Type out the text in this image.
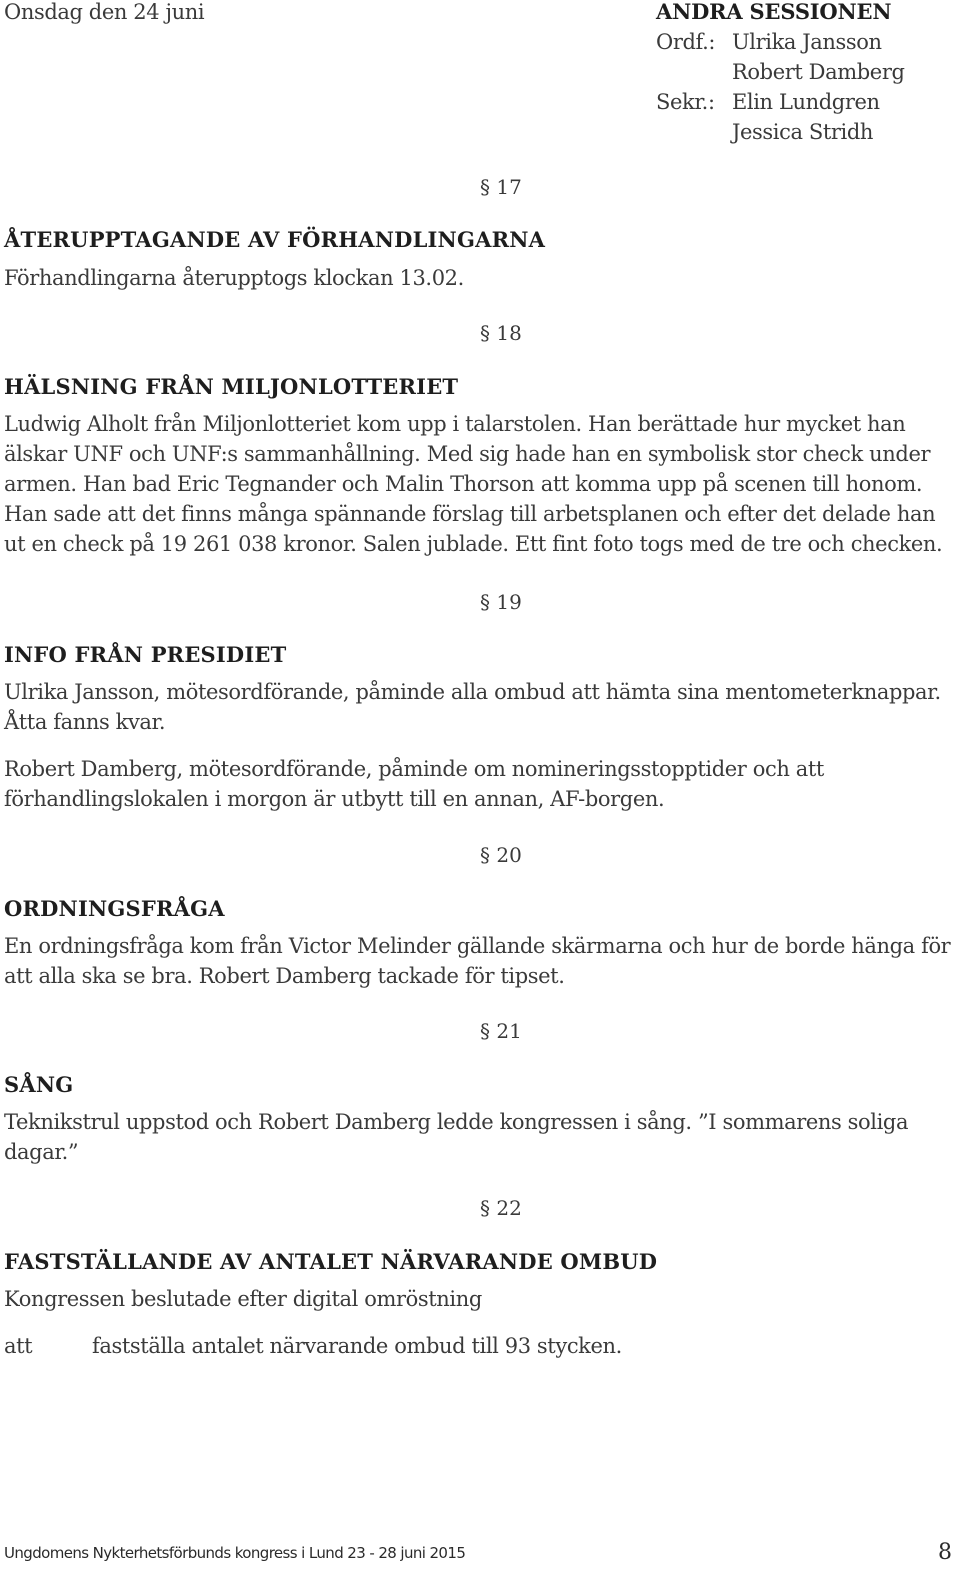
Onsdag den 24 juni	ANDRA SESSIONEN
Ordf.: Ulrika Jansson
Robert Damberg
Sekr.: Elin Lundgren
Jessica Stridh
§ 17
ÅTERUPPTAGANDE AV FÖRHANDLINGARNA

Förhandlingarna återupptogs klockan 13.02.

§ 18
HÄLSNING FRÅN MILJONLOTTERIET

Ludwig Alholt från Miljonlotteriet kom upp i talarstolen. Han berättade hur mycket han älskar UNF och UNF:s sammanhållning. Med sig hade han en symbolisk stor check under armen. Han bad Eric Tegnander och Malin Thorson att komma upp på scenen till honom. Han sade att det finns många spännande förslag till arbetsplanen och efter det delade han ut en check på 19 261 038 kronor. Salen jublade. Ett fint foto togs med de tre och checken.

§ 19
INFO FRÅN PRESIDIET

Ulrika Jansson, mötesordförande, påminde alla ombud att hämta sina mentometerknappar. Åtta fanns kvar.

Robert Damberg, mötesordförande, påminde om nomineringsstopptider och att förhandlingslokalen i morgon är utbytt till en annan, AF-borgen.

§ 20
ORDNINGSFRÅGA

En ordningsfråga kom från Victor Melinder gällande skärmarna och hur de borde hänga för att alla ska se bra. Robert Damberg tackade för tipset.

§ 21
SÅNG

Teknikstrul uppstod och Robert Damberg ledde kongressen i sång. ”I sommarens soliga dagar.”

§ 22
FASTSTÄLLANDE AV ANTALET NÄRVARANDE OMBUD

Kongressen beslutade efter digital omröstning

att	fastställa antalet närvarande ombud till 93 stycken.
Ungdomens Nykterhetsförbunds kongress i Lund 23 - 28 juni 2015	8
